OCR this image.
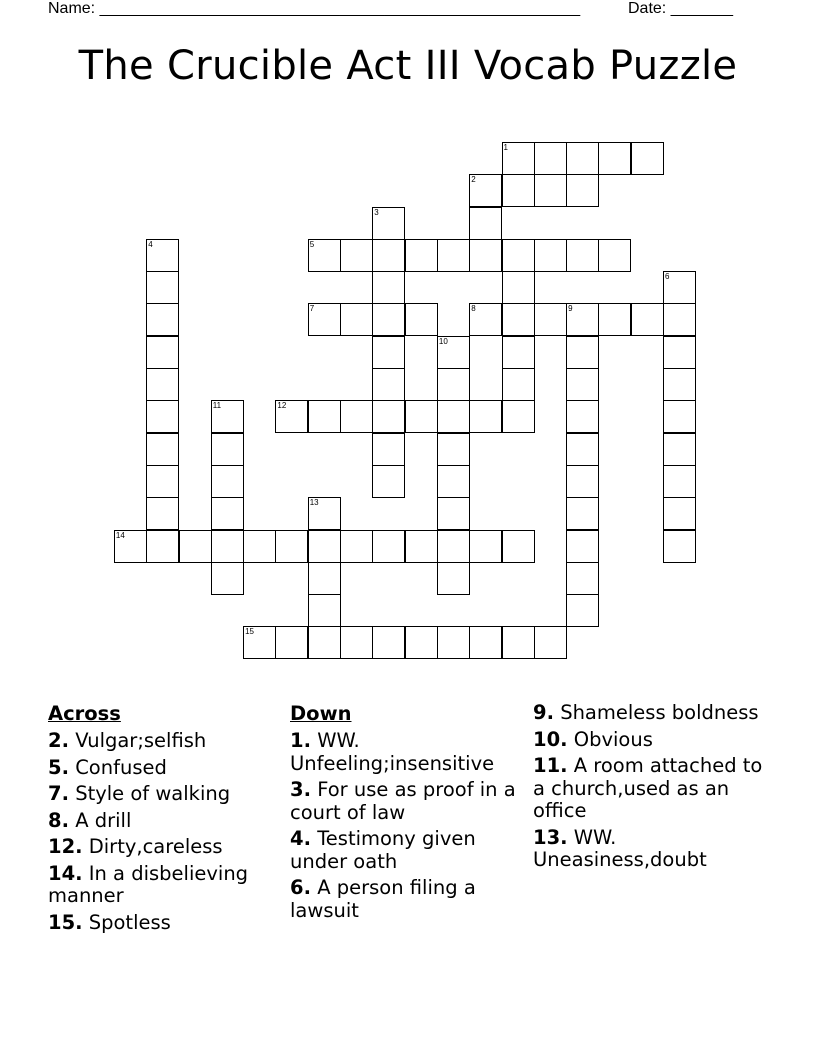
Name: ______________________________________________________	Date: _______
The Crucible Act III Vocab Puzzle
1
2
3
4	5
6
7	8	9
10
11	12
13
14
15
Across
2. Vulgar;selfish
5. Confused
7. Style of walking
8. A drill
12. Dirty,careless
14. In a disbelieving manner
15. Spotless
Down
1. WW. Unfeeling;insensitive
3. For use as proof in a court of law
4. Testimony given under oath
6. A person filing a lawsuit
9. Shameless boldness
10. Obvious
11. A room attached to a church,used as an office
13. WW. Uneasiness,doubt
